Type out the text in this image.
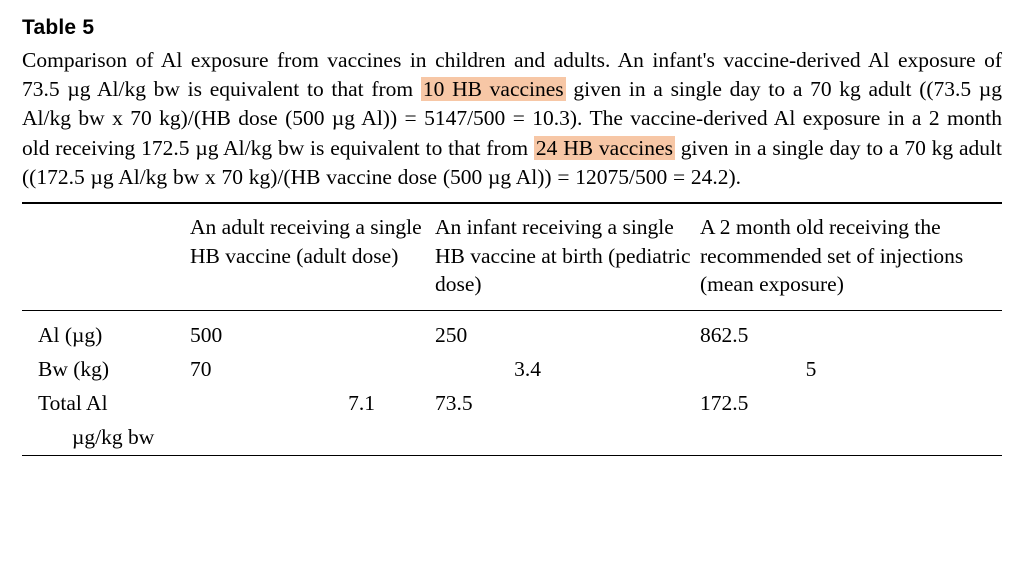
Table 5

Comparison of Al exposure from vaccines in children and adults. An infant's vaccine-derived Al exposure of 73.5 µg Al/kg bw is equivalent to that from 10 HB vaccines given in a single day to a 70 kg adult ((73.5 µg Al/kg bw x 70 kg)/(HB dose (500 µg Al)) = 5147/500 = 10.3). The vaccine-derived Al exposure in a 2 month old receiving 172.5 µg Al/kg bw is equivalent to that from 24 HB vaccines given in a single day to a 70 kg adult ((172.5 µg Al/kg bw x 70 kg)/(HB vaccine dose (500 µg Al)) = 12075/500 = 24.2).

	An adult receiving a single HB vaccine (adult dose)	An infant receiving a single HB vaccine at birth (pediatric dose)	A 2 month old receiving the recommended set of injections (mean exposure)
Al (µg)	500	250	862.5
Bw (kg)	70	3.4	5
Total Al	7.1	73.5	172.5
µg/kg bw			
